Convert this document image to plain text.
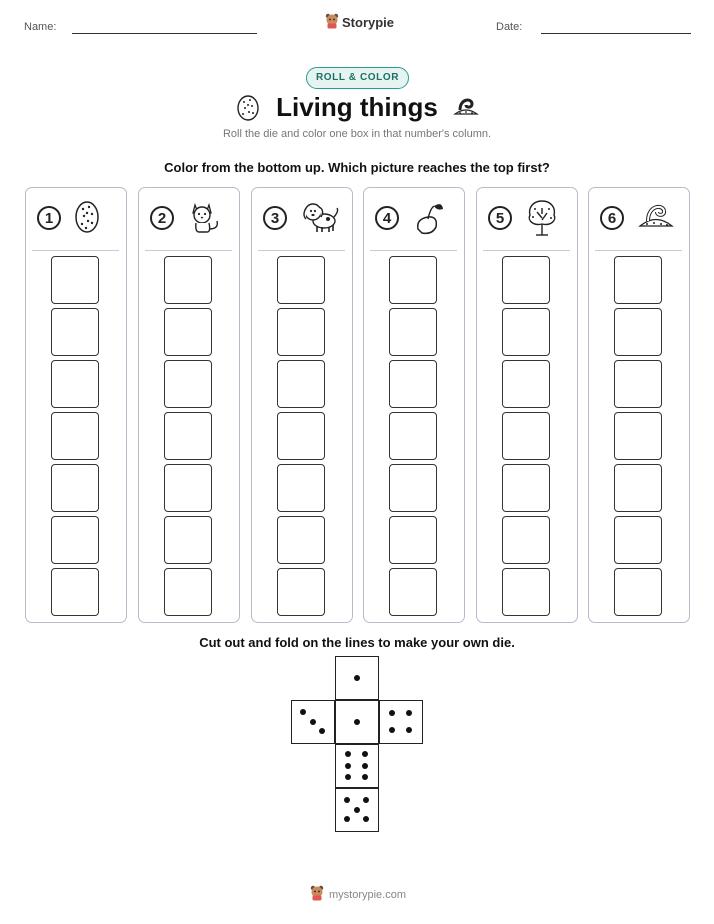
Name:	Storypie	Date:
ROLL & COLOR
Living things
Roll the die and color one box in that number's column.
Color from the bottom up. Which picture reaches the top first?
1	2	3	4	5	6
Cut out and fold on the lines to make your own die.
mystorypie.com
